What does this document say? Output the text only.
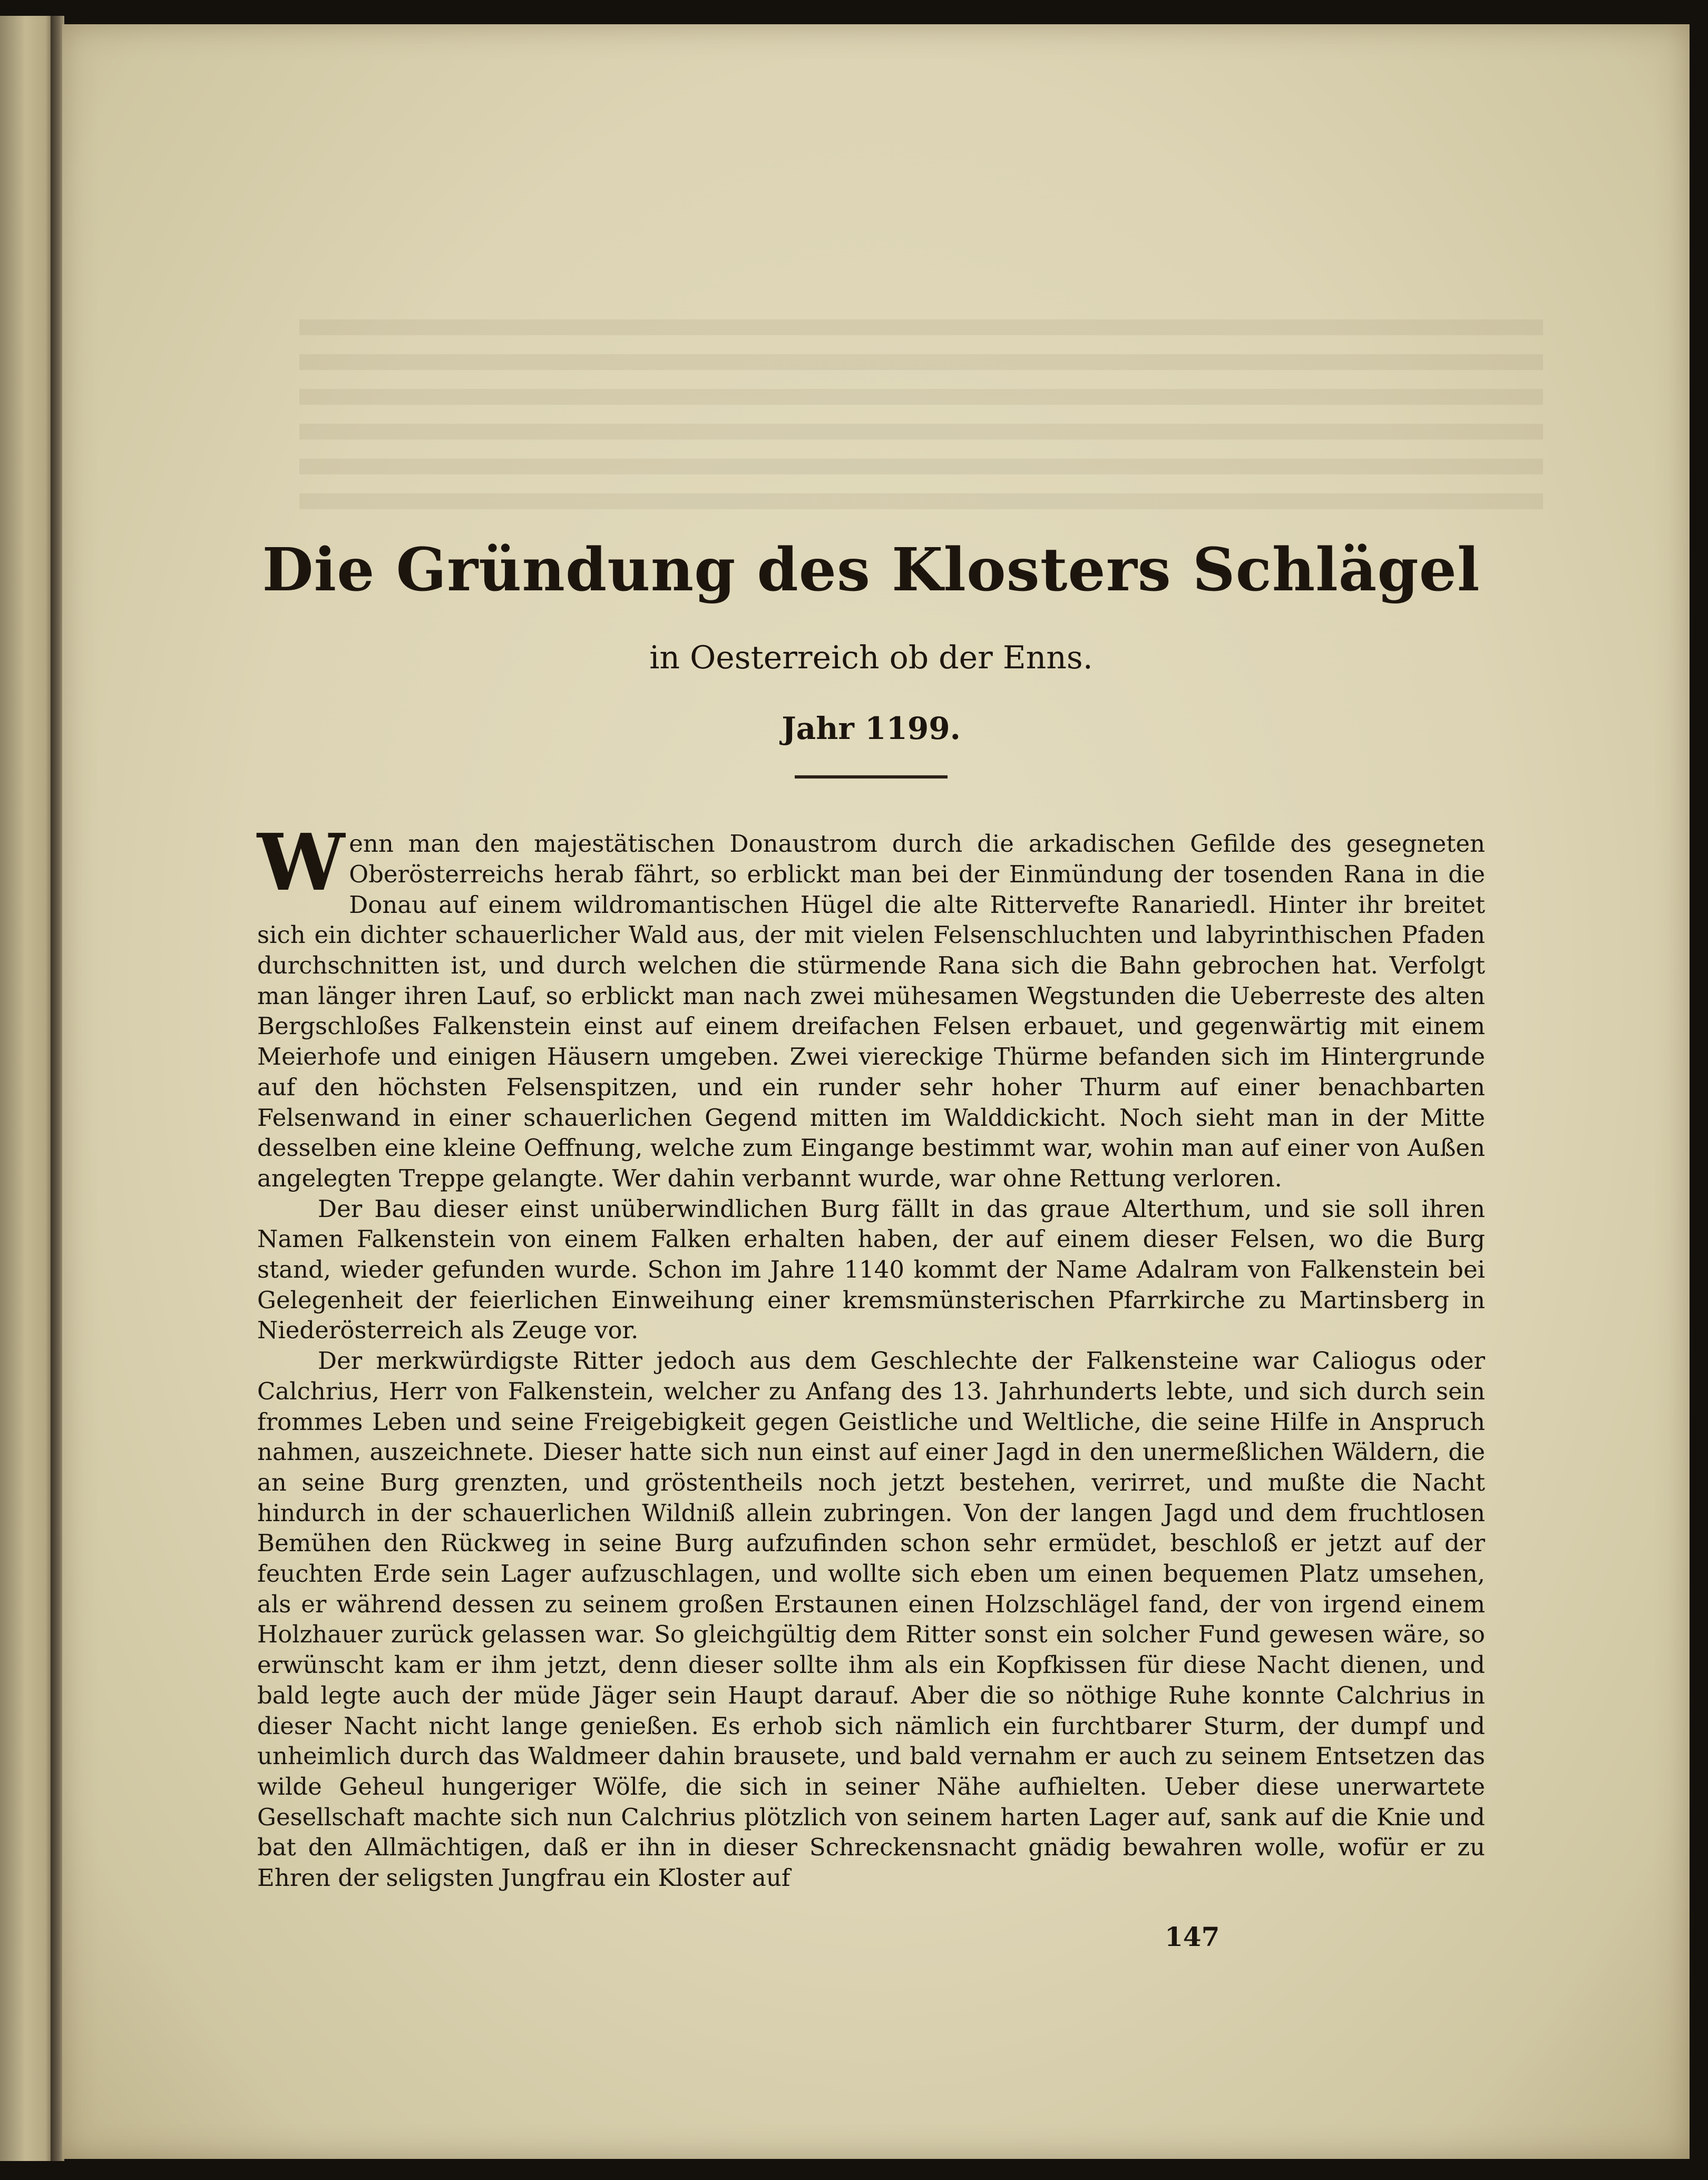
Die Gründung des Klosters Schlägel
in Oesterreich ob der Enns.
Jahr 1199.

Wenn man den majestätischen Donaustrom durch die arkadischen Gefilde des gesegneten Oberösterreichs herab fährt, so erblickt man bei der Einmündung der tosenden Rana in die Donau auf einem wildromantischen Hügel die alte Rittervefte Ranariedl. Hinter ihr breitet sich ein dichter schauerlicher Wald aus, der mit vielen Felsenschluchten und labyrinthischen Pfaden durchschnitten ist, und durch welchen die stürmende Rana sich die Bahn gebrochen hat. Verfolgt man länger ihren Lauf, so erblickt man nach zwei mühesamen Wegstunden die Ueberreste des alten Bergschloßes Falkenstein einst auf einem dreifachen Felsen erbauet, und gegenwärtig mit einem Meierhofe und einigen Häusern umgeben. Zwei viereckige Thürme befanden sich im Hintergrunde auf den höchsten Felsenspitzen, und ein runder sehr hoher Thurm auf einer benachbarten Felsenwand in einer schauerlichen Gegend mitten im Walddickicht. Noch sieht man in der Mitte desselben eine kleine Oeffnung, welche zum Eingange bestimmt war, wohin man auf einer von Außen angelegten Treppe gelangte. Wer dahin verbannt wurde, war ohne Rettung verloren.

Der Bau dieser einst unüberwindlichen Burg fällt in das graue Alterthum, und sie soll ihren Namen Falkenstein von einem Falken erhalten haben, der auf einem dieser Felsen, wo die Burg stand, wieder gefunden wurde. Schon im Jahre 1140 kommt der Name Adalram von Falkenstein bei Gelegenheit der feierlichen Einweihung einer kremsmünsterischen Pfarrkirche zu Martinsberg in Niederösterreich als Zeuge vor.

Der merkwürdigste Ritter jedoch aus dem Geschlechte der Falkensteine war Caliogus oder Calchrius, Herr von Falkenstein, welcher zu Anfang des 13. Jahrhunderts lebte, und sich durch sein frommes Leben und seine Freigebigkeit gegen Geistliche und Weltliche, die seine Hilfe in Anspruch nahmen, auszeichnete. Dieser hatte sich nun einst auf einer Jagd in den unermeßlichen Wäldern, die an seine Burg grenzten, und gröstentheils noch jetzt bestehen, verirret, und mußte die Nacht hindurch in der schauerlichen Wildniß allein zubringen. Von der langen Jagd und dem fruchtlosen Bemühen den Rückweg in seine Burg aufzufinden schon sehr ermüdet, beschloß er jetzt auf der feuchten Erde sein Lager aufzuschlagen, und wollte sich eben um einen bequemen Platz umsehen, als er während dessen zu seinem großen Erstaunen einen Holzschlägel fand, der von irgend einem Holzhauer zurück gelassen war. So gleichgültig dem Ritter sonst ein solcher Fund gewesen wäre, so erwünscht kam er ihm jetzt, denn dieser sollte ihm als ein Kopfkissen für diese Nacht dienen, und bald legte auch der müde Jäger sein Haupt darauf. Aber die so nöthige Ruhe konnte Calchrius in dieser Nacht nicht lange genießen. Es erhob sich nämlich ein furchtbarer Sturm, der dumpf und unheimlich durch das Waldmeer dahin brausete, und bald vernahm er auch zu seinem Entsetzen das wilde Geheul hungeriger Wölfe, die sich in seiner Nähe aufhielten. Ueber diese unerwartete Gesellschaft machte sich nun Calchrius plötzlich von seinem harten Lager auf, sank auf die Knie und bat den Allmächtigen, daß er ihn in dieser Schreckensnacht gnädig bewahren wolle, wofür er zu Ehren der seligsten Jungfrau ein Kloster auf

147
